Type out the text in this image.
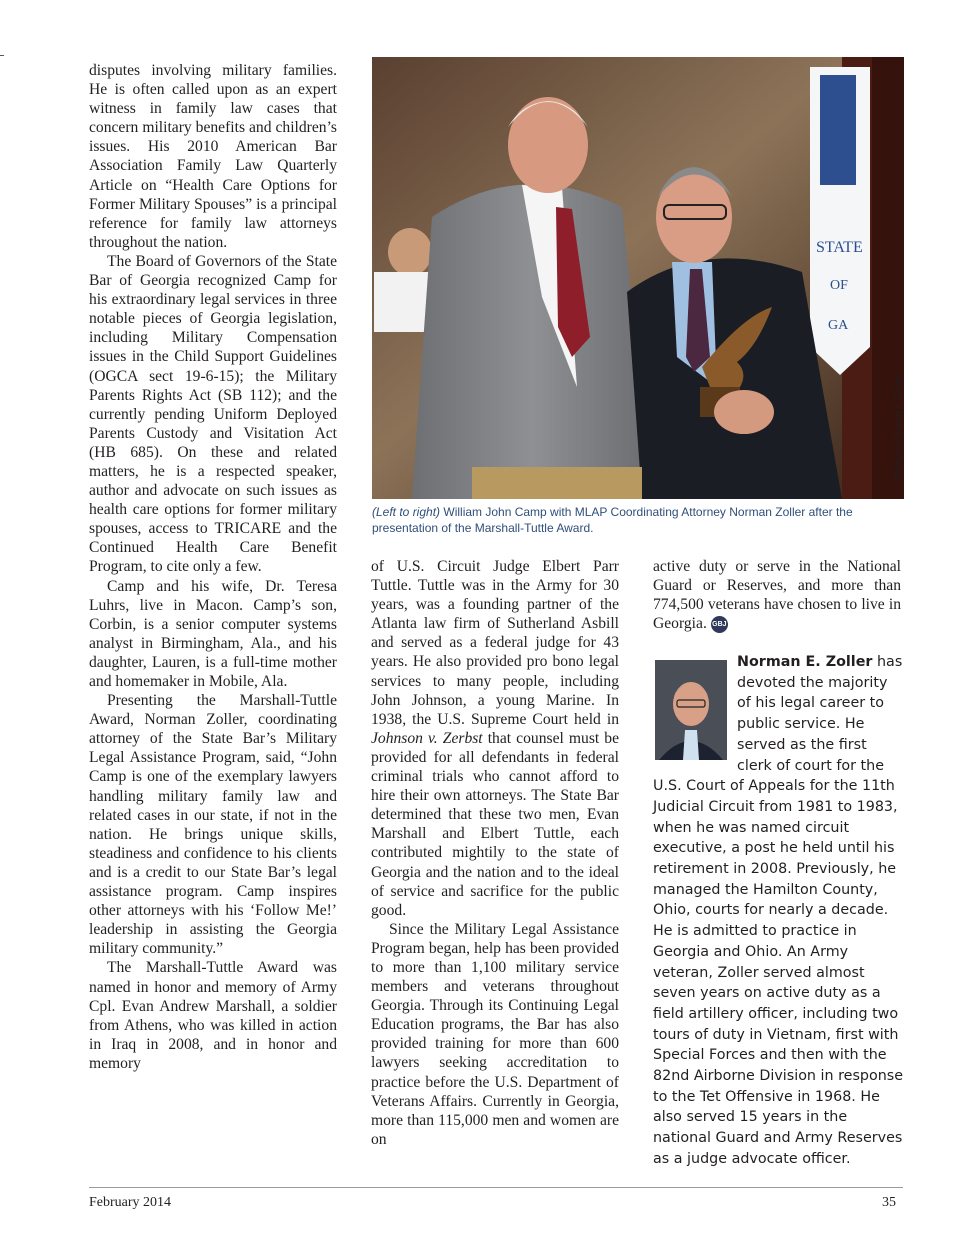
disputes involving military families. He is often called upon as an expert witness in family law cases that concern military benefits and children’s issues. His 2010 American Bar Association Family Law Quarterly Article on “Health Care Options for Former Military Spouses” is a principal reference for family law attorneys throughout the nation.

The Board of Governors of the State Bar of Georgia recognized Camp for his extraordinary legal services in three notable pieces of Georgia legislation, including Military Compensation issues in the Child Support Guidelines (OGCA sect 19-6-15); the Military Parents Rights Act (SB 112); and the currently pending Uniform Deployed Parents Custody and Visitation Act (HB 685). On these and related matters, he is a respected speaker, author and advocate on such issues as health care options for former military spouses, access to TRICARE and the Continued Health Care Benefit Program, to cite only a few.

Camp and his wife, Dr. Teresa Luhrs, live in Macon. Camp’s son, Corbin, is a senior computer systems analyst in Birmingham, Ala., and his daughter, Lauren, is a full-time mother and homemaker in Mobile, Ala.

Presenting the Marshall-Tuttle Award, Norman Zoller, coordinating attorney of the State Bar’s Military Legal Assistance Program, said, “John Camp is one of the exemplary lawyers handling military family law and related cases in our state, if not in the nation. He brings unique skills, steadiness and confidence to his clients and is a credit to our State Bar’s legal assistance program. Camp inspires other attorneys with his ‘Follow Me!’ leadership in assisting the Georgia military community.”

The Marshall-Tuttle Award was named in honor and memory of Army Cpl. Evan Andrew Marshall, a soldier from Athens, who was killed in action in Iraq in 2008, and in honor and memory

STATE
OF
GA
Photo by Sarah I. Coole
(Left to right) William John Camp with MLAP Coordinating Attorney Norman Zoller after the presentation of the Marshall-Tuttle Award.

of U.S. Circuit Judge Elbert Parr Tuttle. Tuttle was in the Army for 30 years, was a founding partner of the Atlanta law firm of Sutherland Asbill and served as a federal judge for 43 years. He also provided pro bono legal services to many people, including John Johnson, a young Marine. In 1938, the U.S. Supreme Court held in Johnson v. Zerbst that counsel must be provided for all defendants in federal criminal trials who cannot afford to hire their own attorneys. The State Bar determined that these two men, Evan Marshall and Elbert Tuttle, each contributed mightily to the state of Georgia and the nation and to the ideal of service and sacrifice for the public good.

Since the Military Legal Assistance Program began, help has been provided to more than 1,100 military service members and veterans throughout Georgia. Through its Continuing Legal Education programs, the Bar has also provided training for more than 600 lawyers seeking accreditation to practice before the U.S. Department of Veterans Affairs. Currently in Georgia, more than 115,000 men and women are on

active duty or serve in the National Guard or Reserves, and more than 774,500 veterans have chosen to live in Georgia. GBJ

Norman E. Zoller has devoted the majority of his legal career to public service. He served as the first clerk of court for the U.S. Court of Appeals for the 11th Judicial Circuit from 1981 to 1983, when he was named circuit executive, a post he held until his retirement in 2008. Previously, he managed the Hamilton County, Ohio, courts for nearly a decade. He is admitted to practice in Georgia and Ohio. An Army veteran, Zoller served almost seven years on active duty as a field artillery officer, including two tours of duty in Vietnam, first with Special Forces and then with the 82nd Airborne Division in response to the Tet Offensive in 1968. He also served 15 years in the national Guard and Army Reserves as a judge advocate officer.
February 2014	35
